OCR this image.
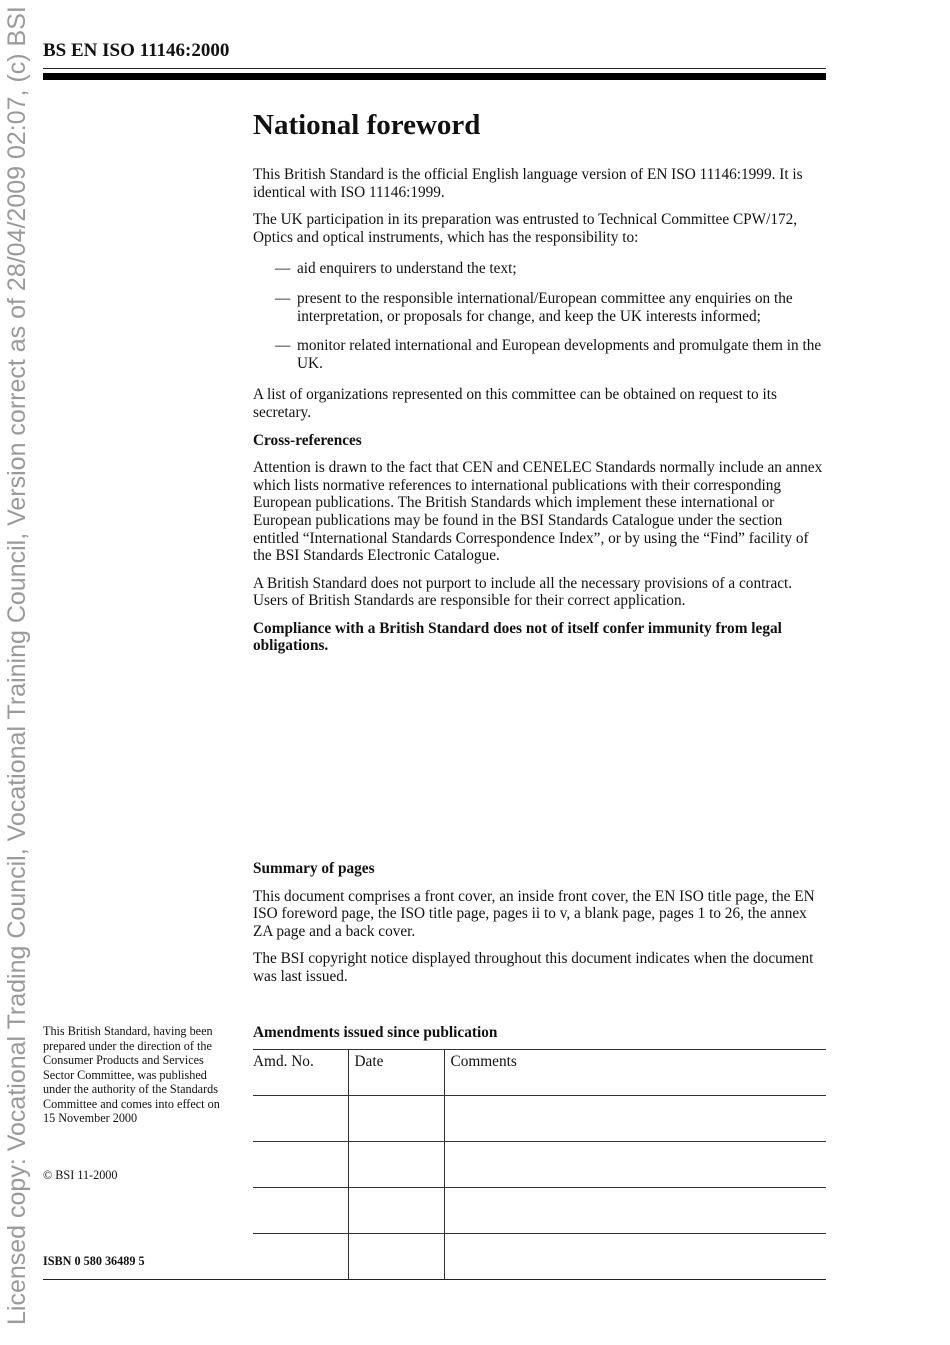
Licensed copy: Vocational Trading Council, Vocational Training Council, Version correct as of 28/04/2009 02:07, (c) BSI BS EN ISO 11146:2000
National foreword

This British Standard is the official English language version of EN ISO 11146:1999. It is identical with ISO 11146:1999.

The UK participation in its preparation was entrusted to Technical Committee CPW/172, Optics and optical instruments, which has the responsibility to:

— aid enquirers to understand the text;
— present to the responsible international/European committee any enquiries on the interpretation, or proposals for change, and keep the UK interests informed;
— monitor related international and European developments and promulgate them in the UK.

A list of organizations represented on this committee can be obtained on request to its secretary.

Cross-references

Attention is drawn to the fact that CEN and CENELEC Standards normally include an annex which lists normative references to international publications with their corresponding European publications. The British Standards which implement these international or European publications may be found in the BSI Standards Catalogue under the section entitled “International Standards Correspondence Index”, or by using the “Find” facility of the BSI Standards Electronic Catalogue.

A British Standard does not purport to include all the necessary provisions of a contract. Users of British Standards are responsible for their correct application.

Compliance with a British Standard does not of itself confer immunity from legal obligations.

Summary of pages

This document comprises a front cover, an inside front cover, the EN ISO title page, the EN ISO foreword page, the ISO title page, pages ii to v, a blank page, pages 1 to 26, the annex ZA page and a back cover.

The BSI copyright notice displayed throughout this document indicates when the document was last issued.

This British Standard, having been prepared under the direction of the Consumer Products and Services Sector Committee, was published under the authority of the Standards Committee and comes into effect on 15 November 2000
© BSI 11-2000
ISBN 0 580 36489 5
Amendments issued since publication
Amd. No.	Date	Comments
